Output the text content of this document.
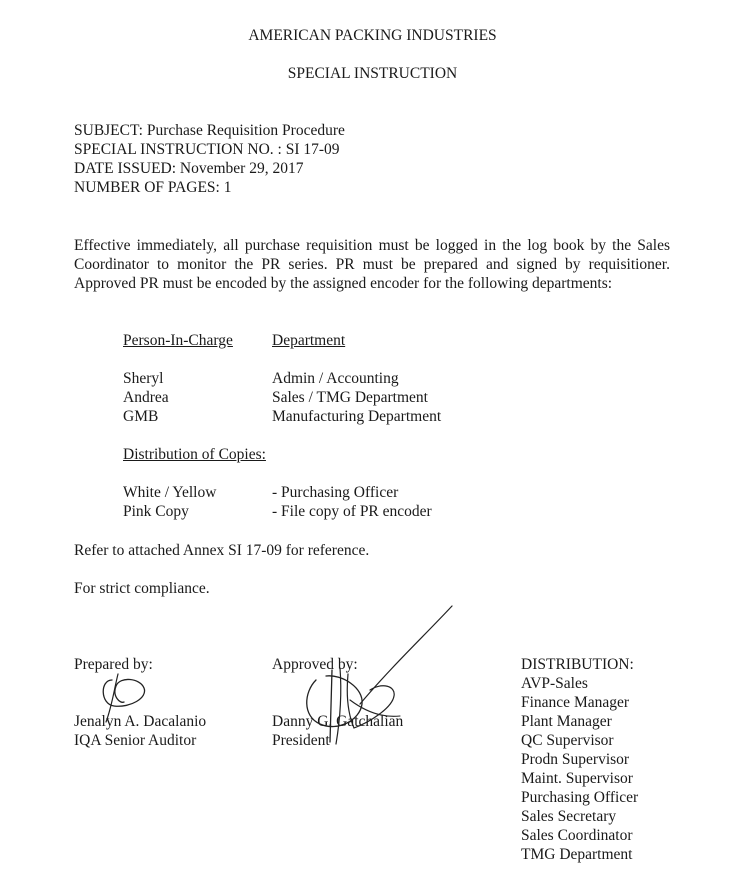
AMERICAN PACKING INDUSTRIES
SPECIAL INSTRUCTION
SUBJECT: Purchase Requisition Procedure
SPECIAL INSTRUCTION NO. : SI 17-09
DATE ISSUED: November 29, 2017
NUMBER OF PAGES: 1
Effective immediately, all purchase requisition must be logged in the log book by the Sales Coordinator to monitor the PR series. PR must be prepared and signed by requisitioner. Approved PR must be encoded by the assigned encoder for the following departments:
Person-In-Charge	Department
Sheryl	Admin / Accounting
Andrea	Sales / TMG Department
GMB	Manufacturing Department
Distribution of Copies:
White / Yellow	- Purchasing Officer
Pink Copy	- File copy of PR encoder
Refer to attached Annex SI 17-09 for reference.
For strict compliance.
Prepared by:
Jenalyn A. Dacalanio
IQA Senior Auditor
Approved by:
Danny G. Gatchalian
President
DISTRIBUTION:
AVP-Sales
Finance Manager
Plant Manager
QC Supervisor
Prodn Supervisor
Maint. Supervisor
Purchasing Officer
Sales Secretary
Sales Coordinator
TMG Department
